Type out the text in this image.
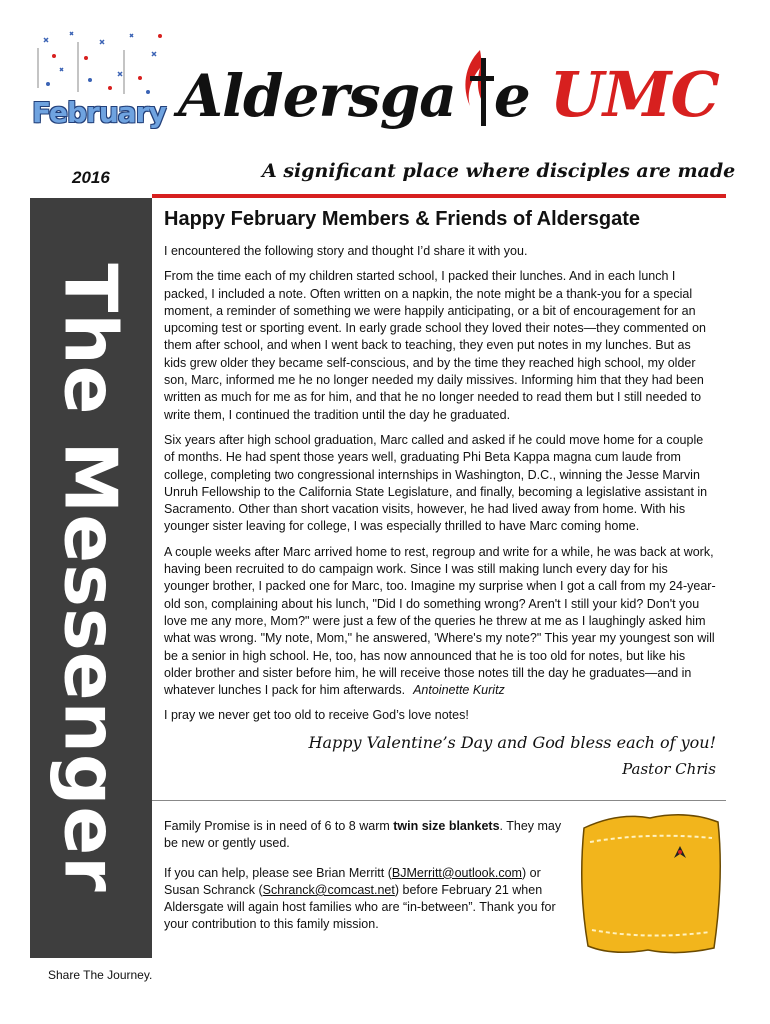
February Aldersga e UMC
2016	A significant place where disciples are made
The Messenger
Share The Journey.
Happy February Members & Friends of Aldersgate

I encountered the following story and thought I’d share it with you.

From the time each of my children started school, I packed their lunches. And in each lunch I packed, I included a note. Often written on a napkin, the note might be a thank-you for a special moment, a reminder of something we were happily anticipating, or a bit of encouragement for an upcoming test or sporting event. In early grade school they loved their notes—they commented on them after school, and when I went back to teaching, they even put notes in my lunches. But as kids grew older they became self-conscious, and by the time they reached high school, my older son, Marc, informed me he no longer needed my daily missives. Informing him that they had been written as much for me as for him, and that he no longer needed to read them but I still needed to write them, I continued the tradition until the day he graduated.

Six years after high school graduation, Marc called and asked if he could move home for a couple of months. He had spent those years well, graduating Phi Beta Kappa magna cum laude from college, completing two congressional internships in Washington, D.C., winning the Jesse Marvin Unruh Fellowship to the California State Legislature, and finally, becoming a legislative assistant in Sacramento. Other than short vacation visits, however, he had lived away from home. With his younger sister leaving for college, I was especially thrilled to have Marc coming home.

A couple weeks after Marc arrived home to rest, regroup and write for a while, he was back at work, having been recruited to do campaign work. Since I was still making lunch every day for his younger brother, I packed one for Marc, too. Imagine my surprise when I got a call from my 24-year-old son, complaining about his lunch, "Did I do something wrong? Aren't I still your kid? Don't you love me any more, Mom?" were just a few of the queries he threw at me as I laughingly asked him what was wrong. "My note, Mom," he answered, 'Where's my note?" This year my youngest son will be a senior in high school. He, too, has now announced that he is too old for notes, but like his older brother and sister before him, he will receive those notes till the day he graduates—and in whatever lunches I pack for him afterwards. Antoinette Kuritz

I pray we never get too old to receive God’s love notes!

Happy Valentine’s Day and God bless each of you!
Pastor Chris

Family Promise is in need of 6 to 8 warm twin size blankets. They may be new or gently used.

If you can help, please see Brian Merritt (BJMerritt@outlook.com) or Susan Schranck (Schranck@comcast.net) before February 21 when Aldersgate will again host families who are “in-between”. Thank you for your contribution to this family mission.
